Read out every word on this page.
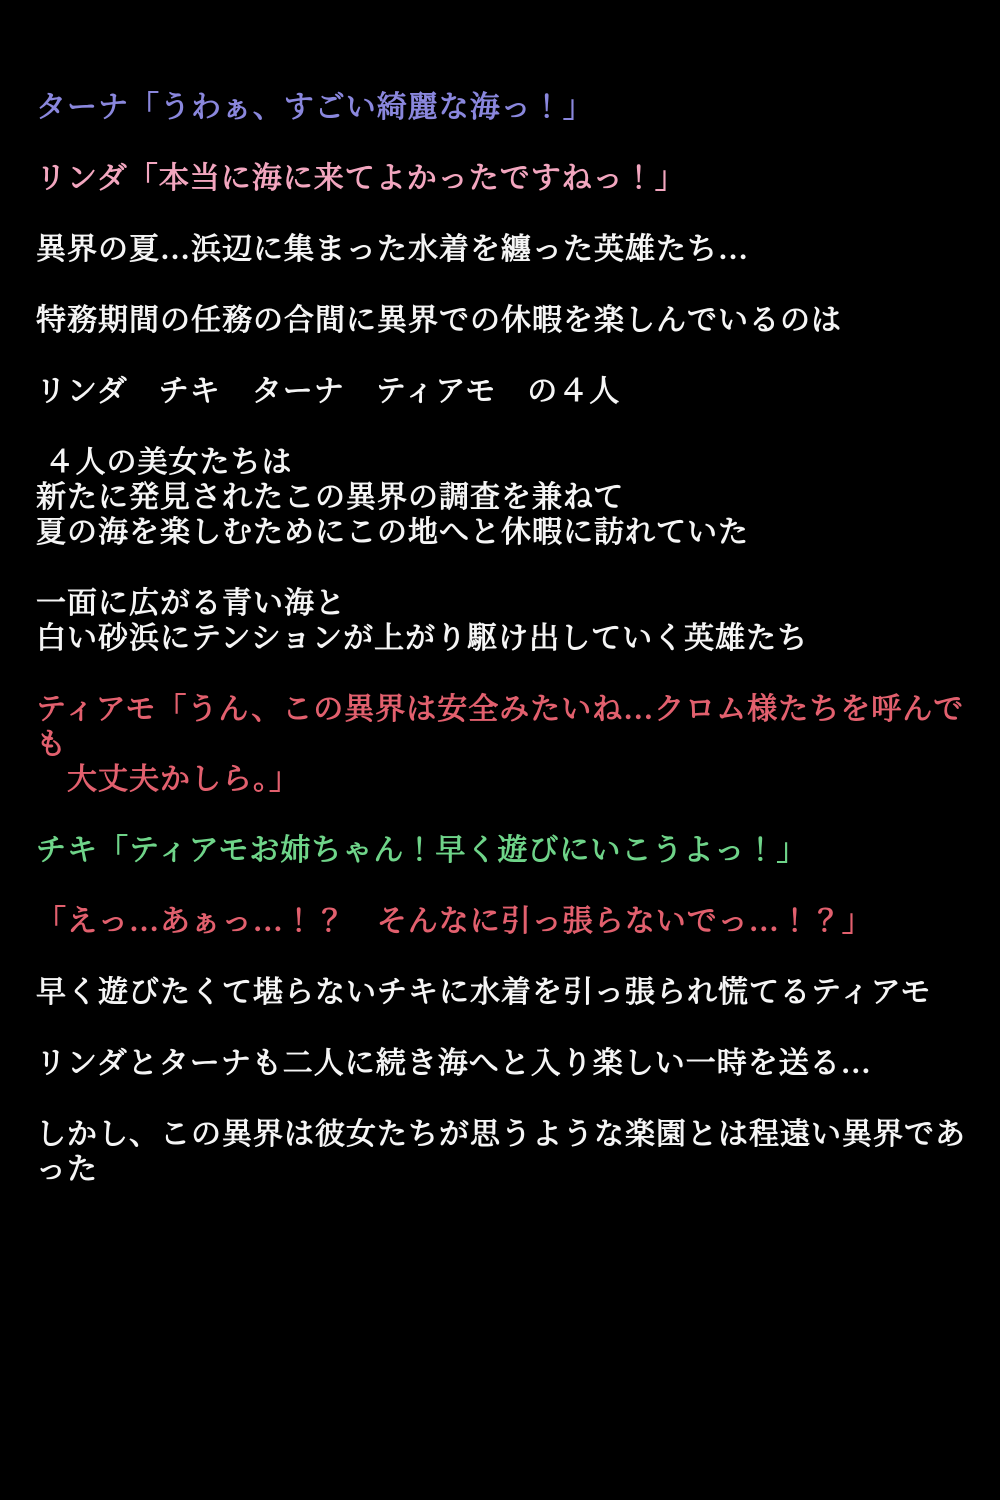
ターナ「うわぁ、すごい綺麗な海っ！」

リンダ「本当に海に来てよかったですねっ！」

異界の夏…浜辺に集まった水着を纏った英雄たち…

特務期間の任務の合間に異界での休暇を楽しんでいるのは

リンダ　チキ　ターナ　ティアモ　の４人

４人の美女たちは
新たに発見されたこの異界の調査を兼ねて
夏の海を楽しむためにこの地へと休暇に訪れていた

一面に広がる青い海と
白い砂浜にテンションが上がり駆け出していく英雄たち

ティアモ「うん、この異界は安全みたいね…クロム様たちを呼んでも
　大丈夫かしら。」

チキ「ティアモお姉ちゃん！早く遊びにいこうよっ！」

「えっ…あぁっ…！？　そんなに引っ張らないでっ…！？」

早く遊びたくて堪らないチキに水着を引っ張られ慌てるティアモ

リンダとターナも二人に続き海へと入り楽しい一時を送る…

しかし、この異界は彼女たちが思うような楽園とは程遠い異界であった
